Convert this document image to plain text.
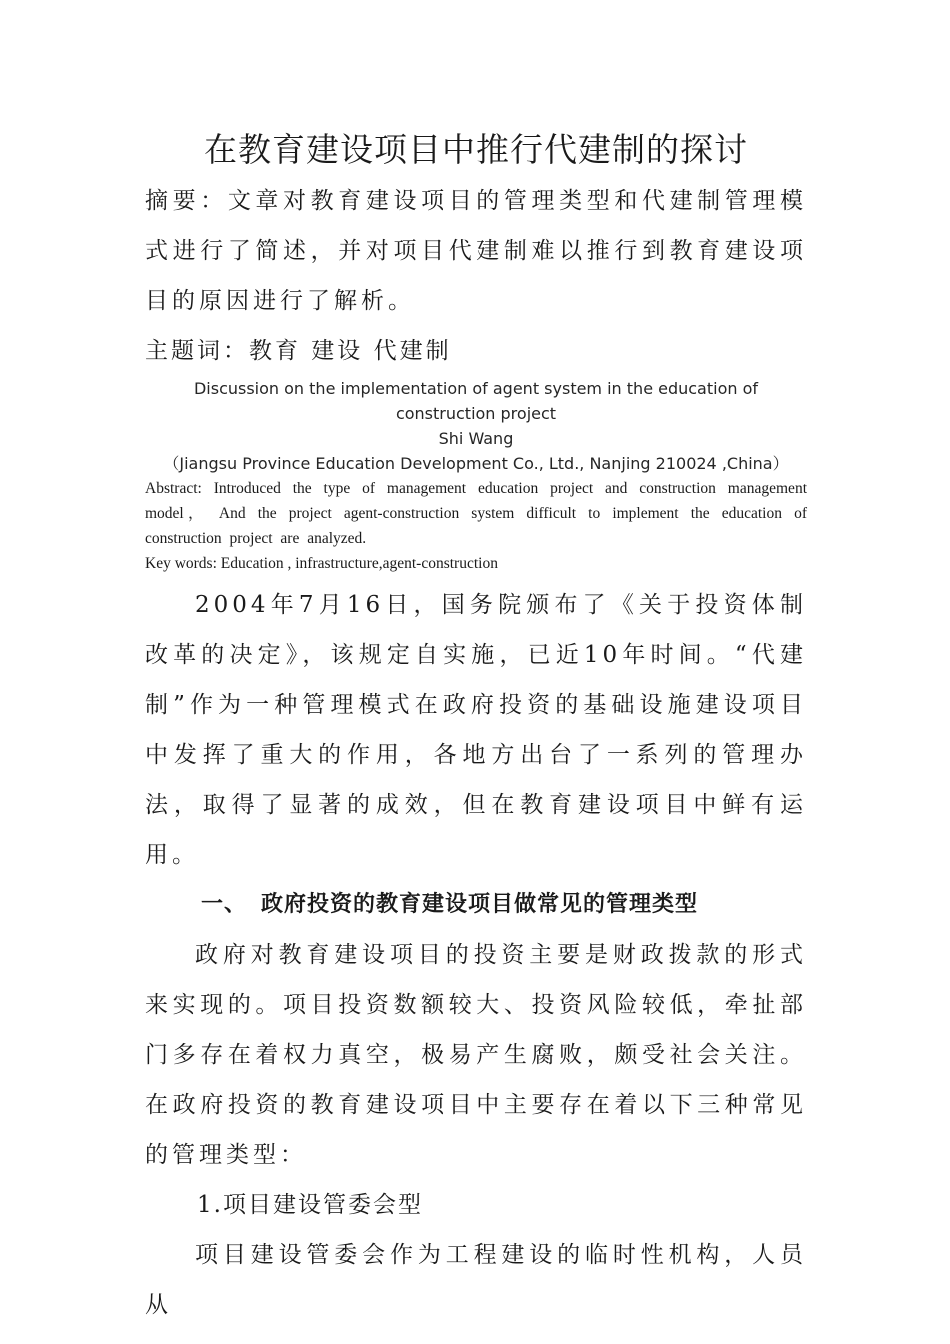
在教育建设项目中推行代建制的探讨

摘要：文章对教育建设项目的管理类型和代建制管理模式进行了简述，并对项目代建制难以推行到教育建设项目的原因进行了解析。

主题词：教育 建设 代建制

Discussion on the implementation of agent system in the education of

construction project

Shi Wang

（Jiangsu Province Education Development Co., Ltd., Nanjing 210024 ,China）

Abstract: Introduced the type of management education project and construction management model， And the project agent-construction system difficult to implement the education of construction project are analyzed.

Key words: Education , infrastructure,agent-construction

2004年7月16日，国务院颁布了《关于投资体制改革的决定》，该规定自实施，已近10年时间。“代建制”作为一种管理模式在政府投资的基础设施建设项目中发挥了重大的作用，各地方出台了一系列的管理办法，取得了显著的成效，但在教育建设项目中鲜有运用。

一、 政府投资的教育建设项目做常见的管理类型

政府对教育建设项目的投资主要是财政拨款的形式来实现的。项目投资数额较大、投资风险较低，牵扯部门多存在着权力真空，极易产生腐败，颇受社会关注。在政府投资的教育建设项目中主要存在着以下三种常见的管理类型：

1.项目建设管委会型

项目建设管委会作为工程建设的临时性机构，人员从
